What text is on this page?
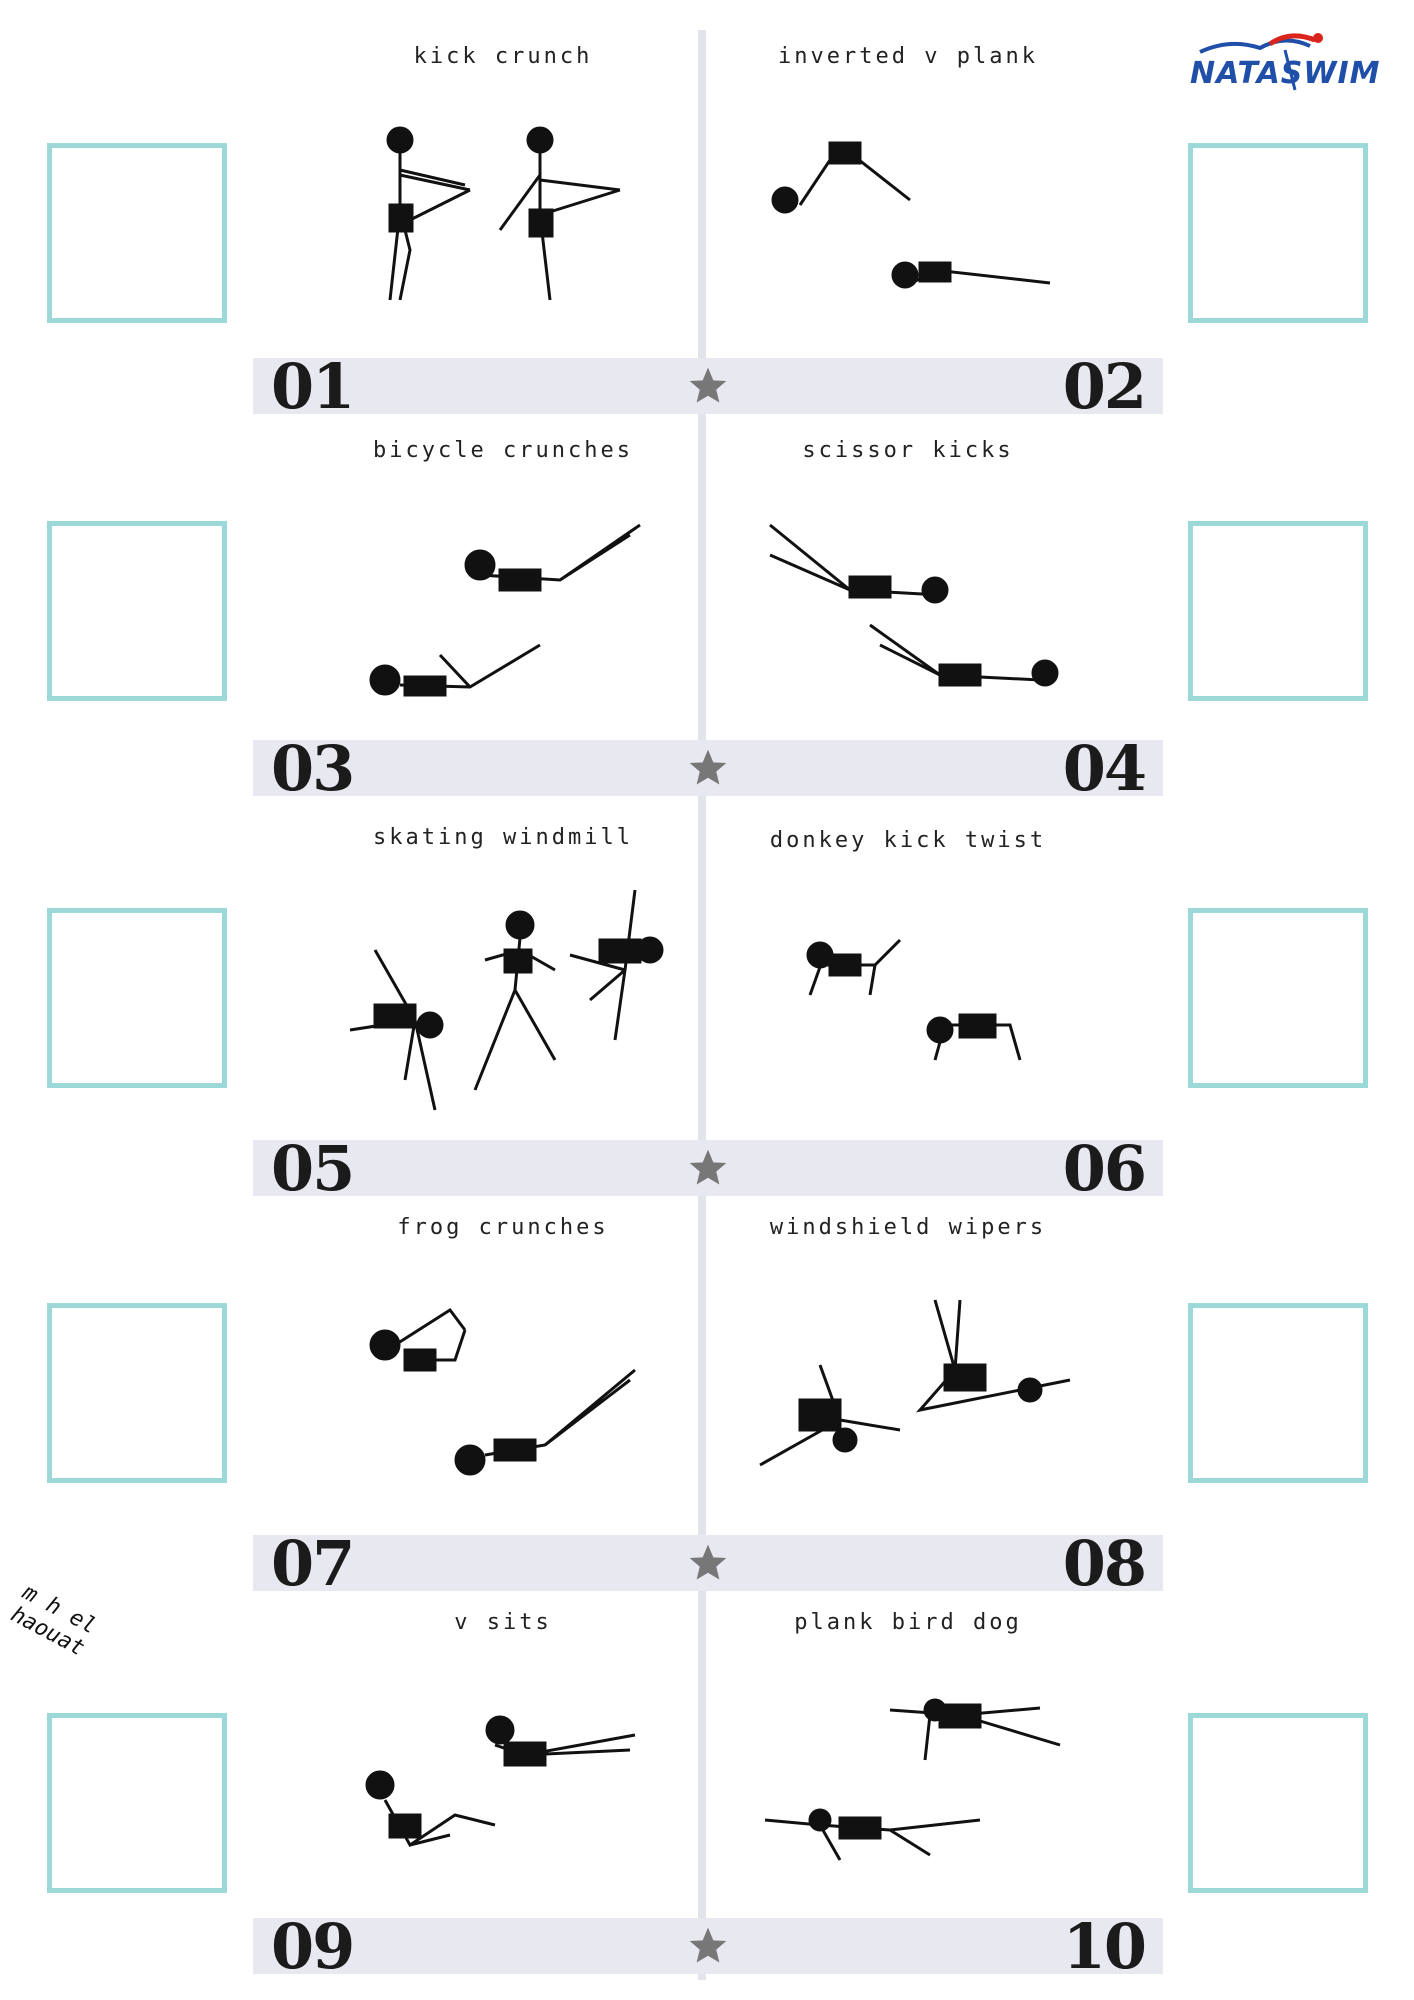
NATASWIM
m h el haouat
kick crunch	inverted v plank
01	02
bicycle crunches	scissor kicks
03	04
skating windmill	donkey kick twist
05	06
frog crunches	windshield wipers
07	08
v sits	plank bird dog
09	10
